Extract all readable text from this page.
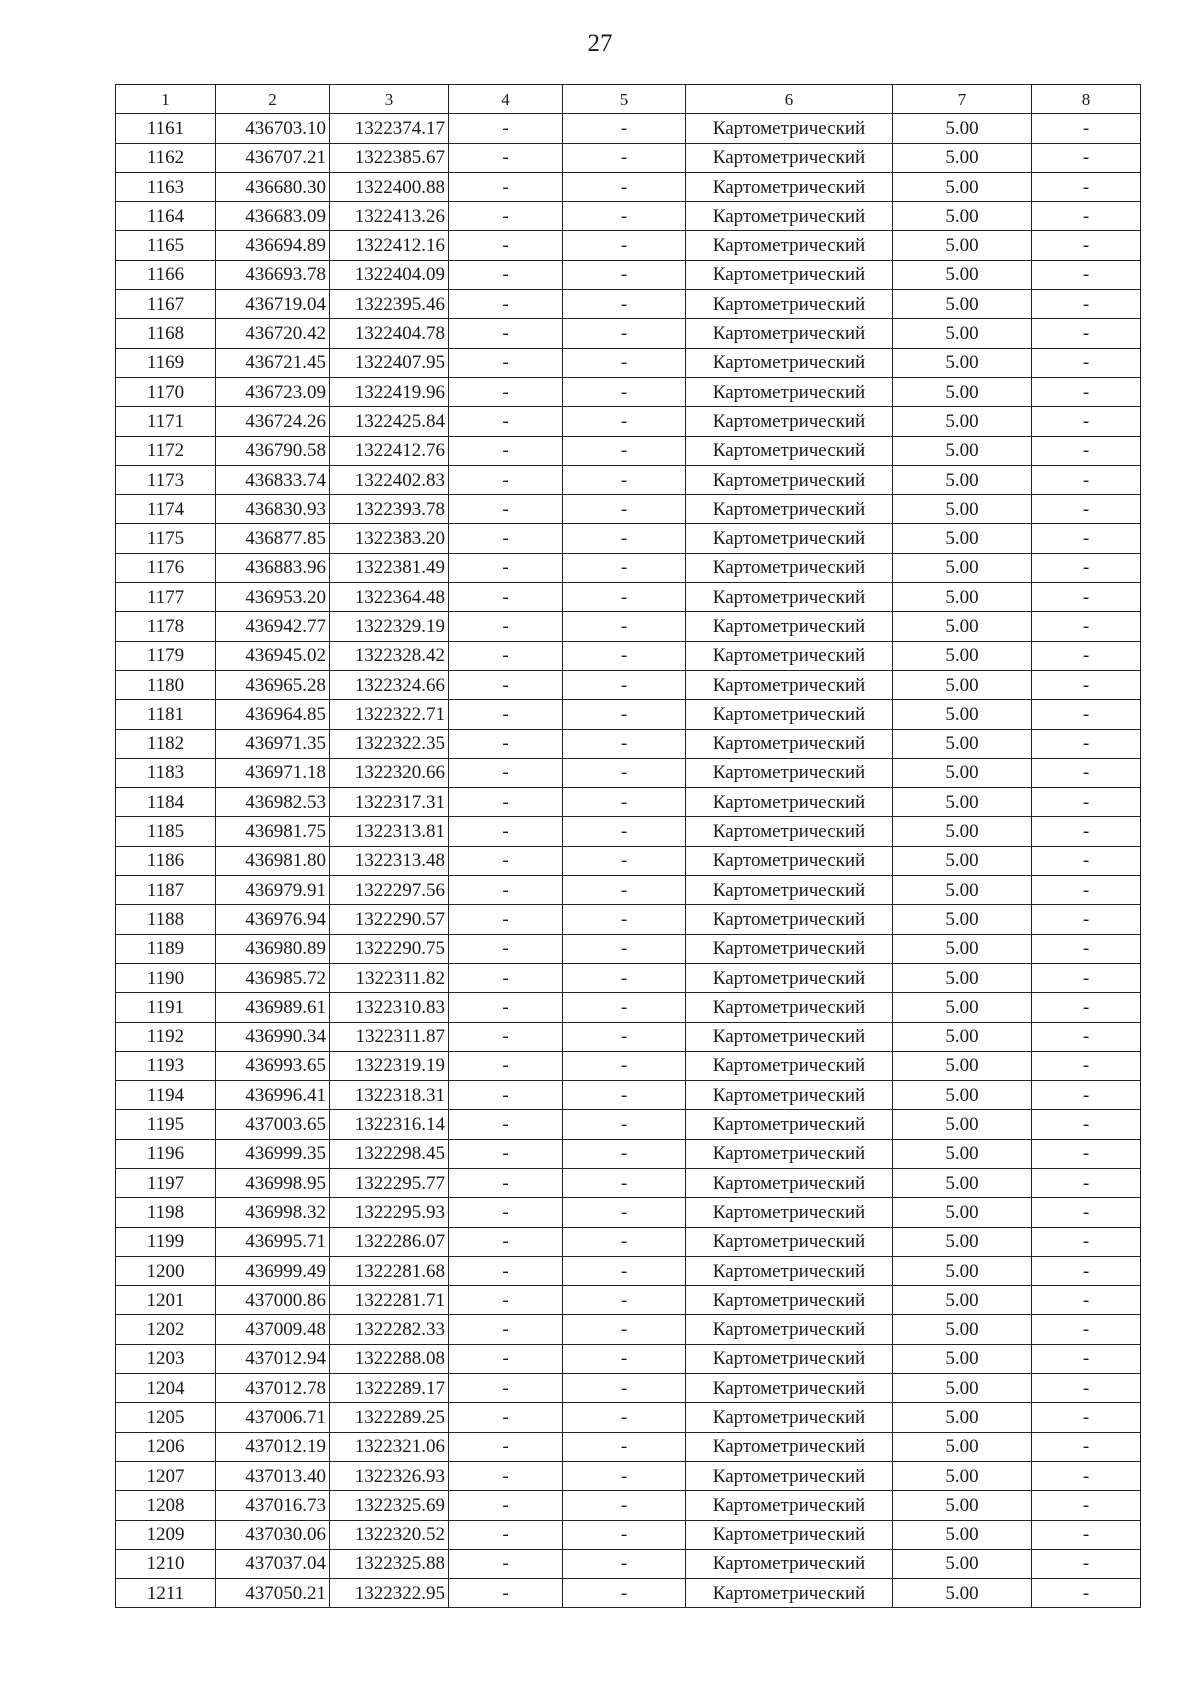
27
1	2	3	4	5	6	7	8
1161	436703.10	1322374.17	-	-	Картометрический	5.00	-
1162	436707.21	1322385.67	-	-	Картометрический	5.00	-
1163	436680.30	1322400.88	-	-	Картометрический	5.00	-
1164	436683.09	1322413.26	-	-	Картометрический	5.00	-
1165	436694.89	1322412.16	-	-	Картометрический	5.00	-
1166	436693.78	1322404.09	-	-	Картометрический	5.00	-
1167	436719.04	1322395.46	-	-	Картометрический	5.00	-
1168	436720.42	1322404.78	-	-	Картометрический	5.00	-
1169	436721.45	1322407.95	-	-	Картометрический	5.00	-
1170	436723.09	1322419.96	-	-	Картометрический	5.00	-
1171	436724.26	1322425.84	-	-	Картометрический	5.00	-
1172	436790.58	1322412.76	-	-	Картометрический	5.00	-
1173	436833.74	1322402.83	-	-	Картометрический	5.00	-
1174	436830.93	1322393.78	-	-	Картометрический	5.00	-
1175	436877.85	1322383.20	-	-	Картометрический	5.00	-
1176	436883.96	1322381.49	-	-	Картометрический	5.00	-
1177	436953.20	1322364.48	-	-	Картометрический	5.00	-
1178	436942.77	1322329.19	-	-	Картометрический	5.00	-
1179	436945.02	1322328.42	-	-	Картометрический	5.00	-
1180	436965.28	1322324.66	-	-	Картометрический	5.00	-
1181	436964.85	1322322.71	-	-	Картометрический	5.00	-
1182	436971.35	1322322.35	-	-	Картометрический	5.00	-
1183	436971.18	1322320.66	-	-	Картометрический	5.00	-
1184	436982.53	1322317.31	-	-	Картометрический	5.00	-
1185	436981.75	1322313.81	-	-	Картометрический	5.00	-
1186	436981.80	1322313.48	-	-	Картометрический	5.00	-
1187	436979.91	1322297.56	-	-	Картометрический	5.00	-
1188	436976.94	1322290.57	-	-	Картометрический	5.00	-
1189	436980.89	1322290.75	-	-	Картометрический	5.00	-
1190	436985.72	1322311.82	-	-	Картометрический	5.00	-
1191	436989.61	1322310.83	-	-	Картометрический	5.00	-
1192	436990.34	1322311.87	-	-	Картометрический	5.00	-
1193	436993.65	1322319.19	-	-	Картометрический	5.00	-
1194	436996.41	1322318.31	-	-	Картометрический	5.00	-
1195	437003.65	1322316.14	-	-	Картометрический	5.00	-
1196	436999.35	1322298.45	-	-	Картометрический	5.00	-
1197	436998.95	1322295.77	-	-	Картометрический	5.00	-
1198	436998.32	1322295.93	-	-	Картометрический	5.00	-
1199	436995.71	1322286.07	-	-	Картометрический	5.00	-
1200	436999.49	1322281.68	-	-	Картометрический	5.00	-
1201	437000.86	1322281.71	-	-	Картометрический	5.00	-
1202	437009.48	1322282.33	-	-	Картометрический	5.00	-
1203	437012.94	1322288.08	-	-	Картометрический	5.00	-
1204	437012.78	1322289.17	-	-	Картометрический	5.00	-
1205	437006.71	1322289.25	-	-	Картометрический	5.00	-
1206	437012.19	1322321.06	-	-	Картометрический	5.00	-
1207	437013.40	1322326.93	-	-	Картометрический	5.00	-
1208	437016.73	1322325.69	-	-	Картометрический	5.00	-
1209	437030.06	1322320.52	-	-	Картометрический	5.00	-
1210	437037.04	1322325.88	-	-	Картометрический	5.00	-
1211	437050.21	1322322.95	-	-	Картометрический	5.00	-
